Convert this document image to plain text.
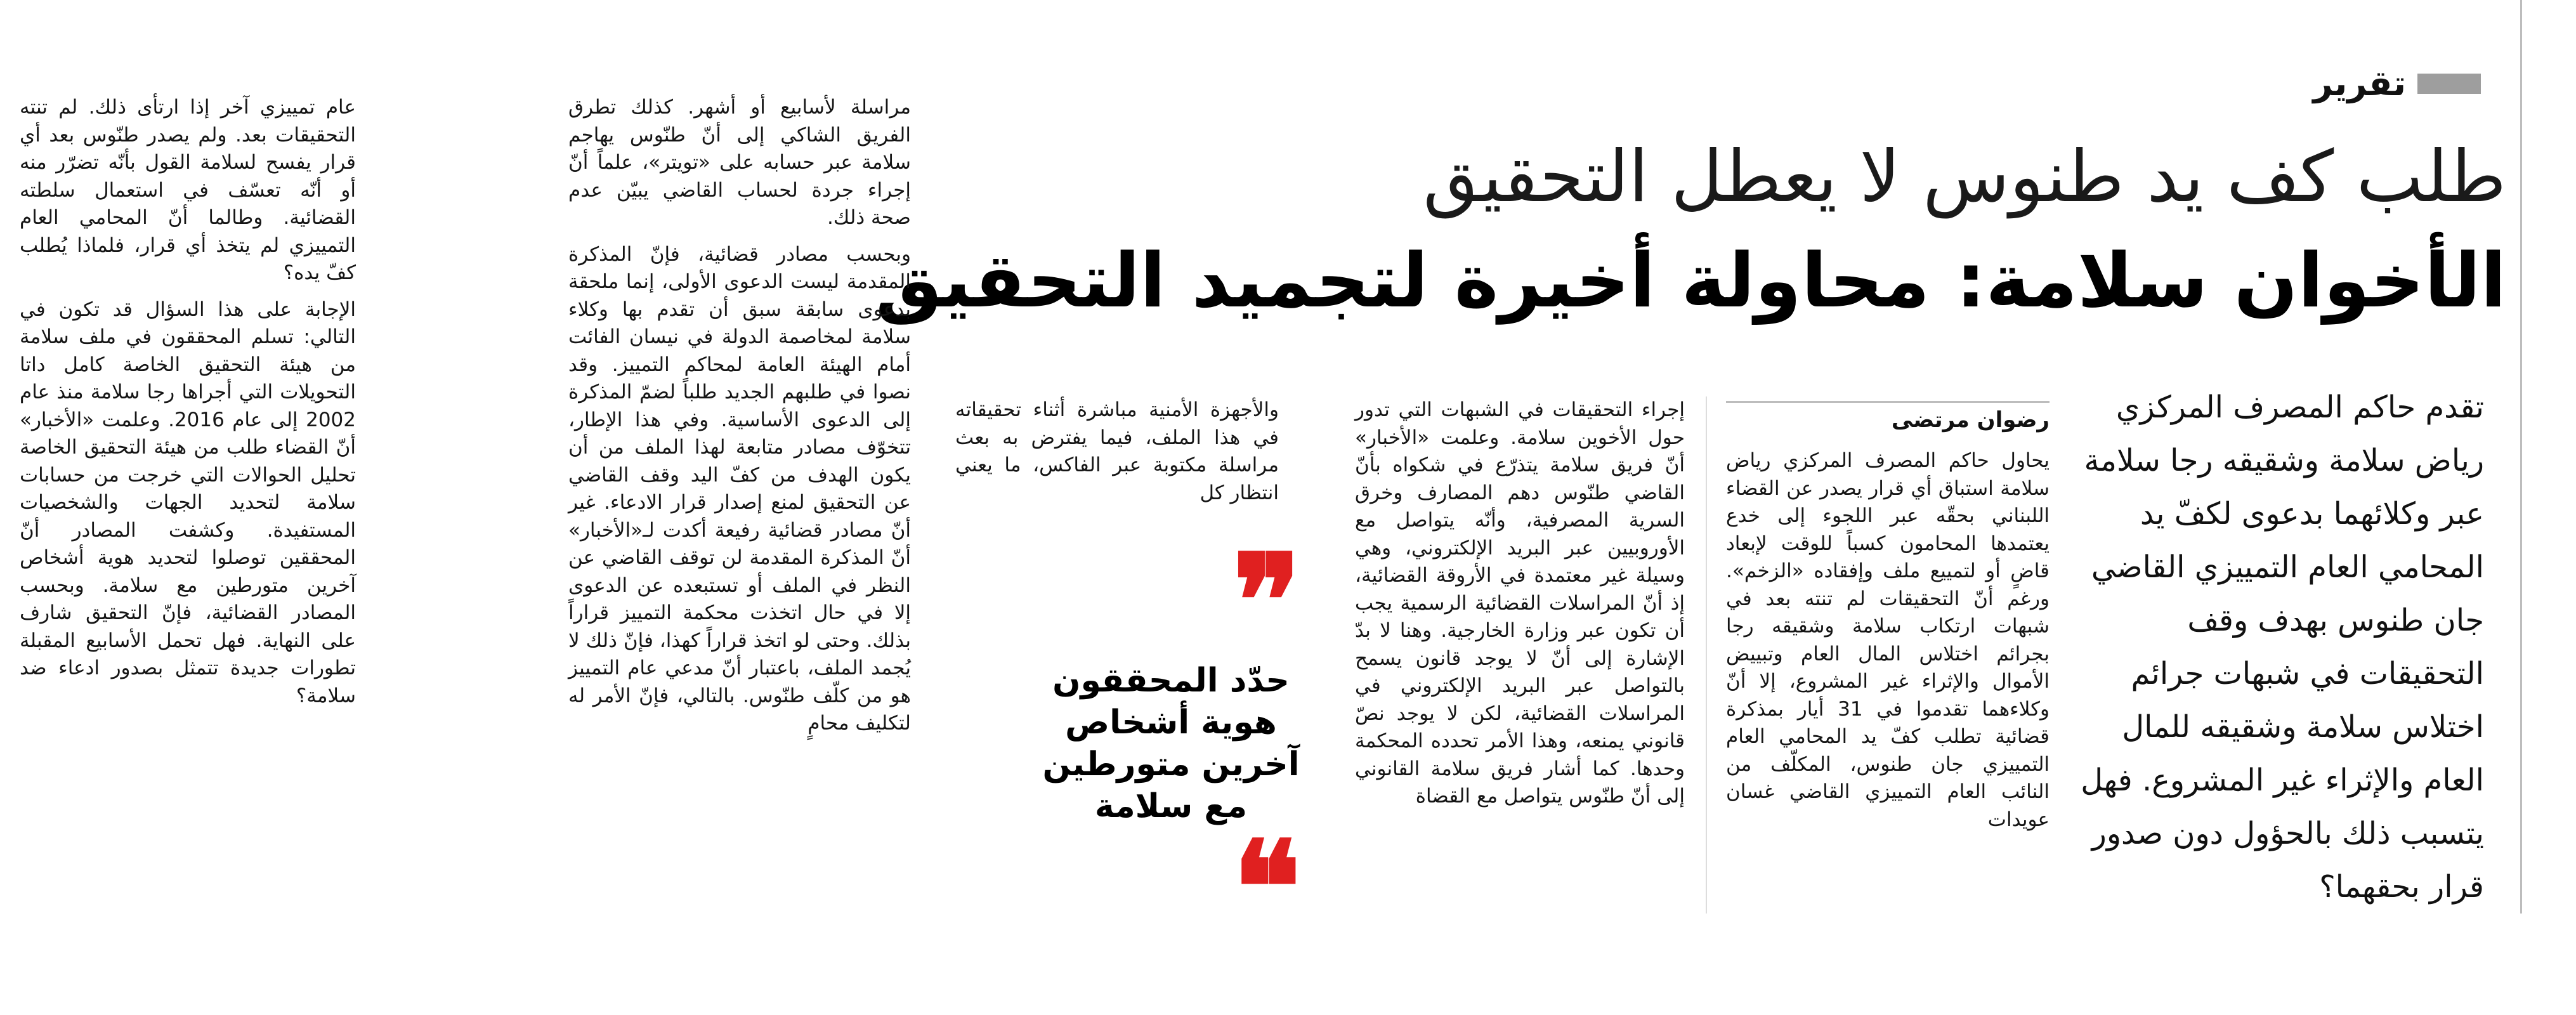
تقرير
طلب كف يد طنوس لا يعطل التحقيق
الأخوان سلامة: محاولة أخيرة لتجميد التحقيق
تقدم حاكم المصرف المركزي رياض سلامة وشقيقه رجا سلامة عبر وكلائهما بدعوى لكفّ يد المحامي العام التمييزي القاضي جان طنوس بهدف وقف التحقيقات في شبهات جرائم اختلاس سلامة وشقيقه للمال العام والإثراء غير المشروع. فهل يتسبب ذلك بالحؤول دون صدور قرار بحقهما؟
رضوان مرتضى

يحاول حاكم المصرف المركزي رياض سلامة استباق أي قرار يصدر عن القضاء اللبناني بحقّه عبر اللجوء إلى خدع يعتمدها المحامون كسباً للوقت لإبعاد قاضٍ أو لتمييع ملف وإفقاده «الزخم». ورغم أنّ التحقيقات لم تنته بعد في شبهات ارتكاب سلامة وشقيقه رجا بجرائم اختلاس المال العام وتبييض الأموال والإثراء غير المشروع، إلا أنّ وكلاءهما تقدموا في 31 أيار بمذكرة قضائية تطلب كفّ يد المحامي العام التمييزي جان طنوس، المكلّف من النائب العام التمييزي القاضي غسان عويدات

إجراء التحقيقات في الشبهات التي تدور حول الأخوين سلامة. وعلمت «الأخبار» أنّ فريق سلامة يتذرّع في شكواه بأنّ القاضي طنّوس دهم المصارف وخرق السرية المصرفية، وأنّه يتواصل مع الأوروبيين عبر البريد الإلكتروني، وهي وسيلة غير معتمدة في الأروقة القضائية، إذ أنّ المراسلات القضائية الرسمية يجب أن تكون عبر وزارة الخارجية. وهنا لا بدّ الإشارة إلى أنّ لا يوجد قانون يسمح بالتواصل عبر البريد الإلكتروني في المراسلات القضائية، لكن لا يوجد نصّ قانوني يمنعه، وهذا الأمر تحدده المحكمة وحدها. كما أشار فريق سلامة القانوني إلى أنّ طنّوس يتواصل مع القضاة

والأجهزة الأمنية مباشرة أثناء تحقيقاته في هذا الملف، فيما يفترض به بعث مراسلة مكتوبة عبر الفاكس، ما يعني انتظار كل

مراسلة لأسابيع أو أشهر. كذلك تطرق الفريق الشاكي إلى أنّ طنّوس يهاجم سلامة عبر حسابه على «تويتر»، علماً أنّ إجراء جردة لحساب القاضي يبيّن عدم صحة ذلك.

وبحسب مصادر قضائية، فإنّ المذكرة المقدمة ليست الدعوى الأولى، إنما ملحقة بدعوى سابقة سبق أن تقدم بها وكلاء سلامة لمخاصمة الدولة في نيسان الفائت أمام الهيئة العامة لمحاكم التمييز. وقد نصوا في طلبهم الجديد طلباً لضمّ المذكرة إلى الدعوى الأساسية. وفي هذا الإطار، تتخوّف مصادر متابعة لهذا الملف من أن يكون الهدف من كفّ اليد وقف القاضي عن التحقيق لمنع إصدار قرار الادعاء. غير أنّ مصادر قضائية رفيعة أكدت لـ«الأخبار» أنّ المذكرة المقدمة لن توقف القاضي عن النظر في الملف أو تستبعده عن الدعوى إلا في حال اتخذت محكمة التمييز قراراً بذلك. وحتى لو اتخذ قراراً كهذا، فإنّ ذلك لا يُجمد الملف، باعتبار أنّ مدعي عام التمييز هو من كلّف طنّوس. بالتالي، فإنّ الأمر له لتكليف محامٍ

عام تمييزي آخر إذا ارتأى ذلك. لم تنته التحقيقات بعد. ولم يصدر طنّوس بعد أي قرار يفسح لسلامة القول بأنّه تضرّر منه أو أنّه تعسّف في استعمال سلطته القضائية. وطالما أنّ المحامي العام التمييزي لم يتخذ أي قرار، فلماذا يُطلب كفّ يده؟

الإجابة على هذا السؤال قد تكون في التالي: تسلم المحققون في ملف سلامة من هيئة التحقيق الخاصة كامل داتا التحويلات التي أجراها رجا سلامة منذ عام 2002 إلى عام 2016. وعلمت «الأخبار» أنّ القضاء طلب من هيئة التحقيق الخاصة تحليل الحوالات التي خرجت من حسابات سلامة لتحديد الجهات والشخصيات المستفيدة. وكشفت المصادر أنّ المحققين توصلوا لتحديد هوية أشخاص آخرين متورطين مع سلامة. وبحسب المصادر القضائية، فإنّ التحقيق شارف على النهاية. فهل تحمل الأسابيع المقبلة تطورات جديدة تتمثل بصدور ادعاء ضد سلامة؟

❞
حدّد المحققون هوية أشخاص آخرين متورطين مع سلامة
❝
